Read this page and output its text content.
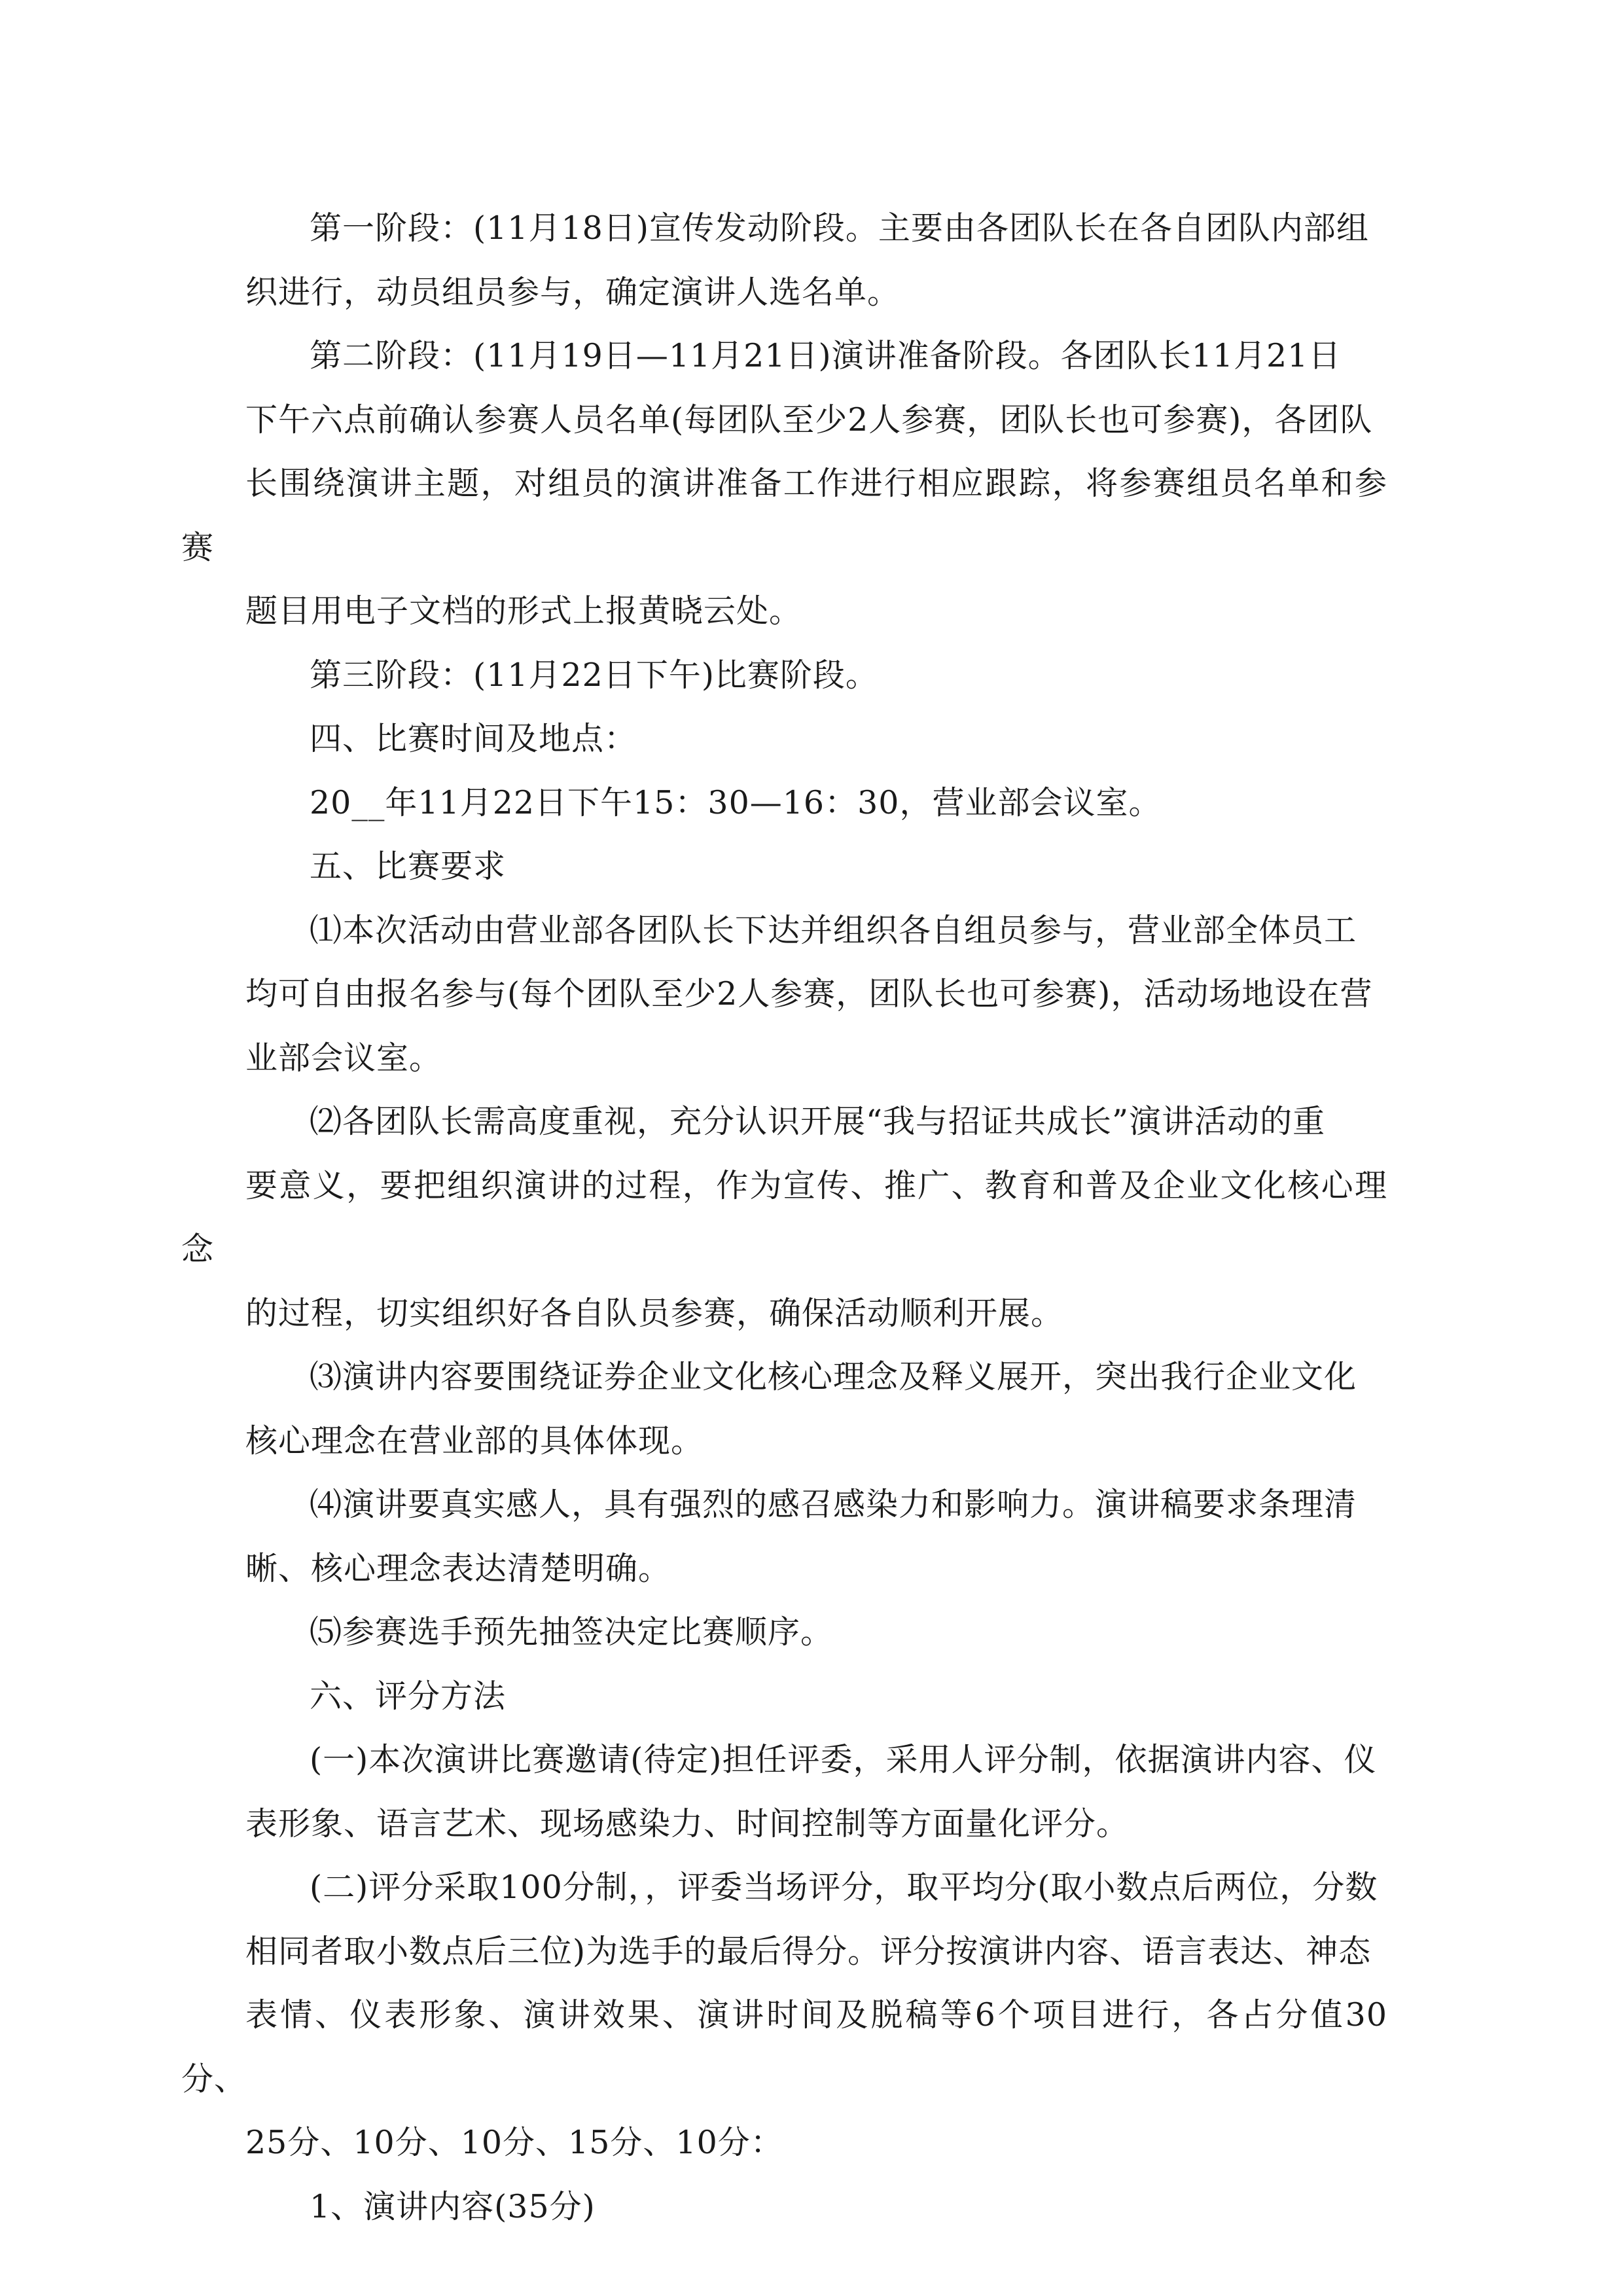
第一阶段：(11月18日)宣传发动阶段。主要由各团队长在各自团队内部组
织进行，动员组员参与，确定演讲人选名单。

第二阶段：(11月19日—11月21日)演讲准备阶段。各团队长11月21日
下午六点前确认参赛人员名单(每团队至少2人参赛，团队长也可参赛)，各团队
长围绕演讲主题，对组员的演讲准备工作进行相应跟踪，将参赛组员名单和参赛
题目用电子文档的形式上报黄晓云处。

第三阶段：(11月22日下午)比赛阶段。

四、比赛时间及地点：

20__年11月22日下午15：30—16：30，营业部会议室。

五、比赛要求

⑴本次活动由营业部各团队长下达并组织各自组员参与，营业部全体员工
均可自由报名参与(每个团队至少2人参赛，团队长也可参赛)，活动场地设在营
业部会议室。

⑵各团队长需高度重视，充分认识开展“我与招证共成长”演讲活动的重
要意义，要把组织演讲的过程，作为宣传、推广、教育和普及企业文化核心理念
的过程，切实组织好各自队员参赛，确保活动顺利开展。

⑶演讲内容要围绕证券企业文化核心理念及释义展开，突出我行企业文化
核心理念在营业部的具体体现。

⑷演讲要真实感人，具有强烈的感召感染力和影响力。演讲稿要求条理清
晰、核心理念表达清楚明确。

⑸参赛选手预先抽签决定比赛顺序。

六、评分方法

(一)本次演讲比赛邀请(待定)担任评委，采用人评分制，依据演讲内容、仪
表形象、语言艺术、现场感染力、时间控制等方面量化评分。

(二)评分采取100分制，，评委当场评分，取平均分(取小数点后两位，分数
相同者取小数点后三位)为选手的最后得分。评分按演讲内容、语言表达、神态
表情、仪表形象、演讲效果、演讲时间及脱稿等6个项目进行，各占分值30分、
25分、10分、10分、15分、10分：

1、演讲内容(35分)
